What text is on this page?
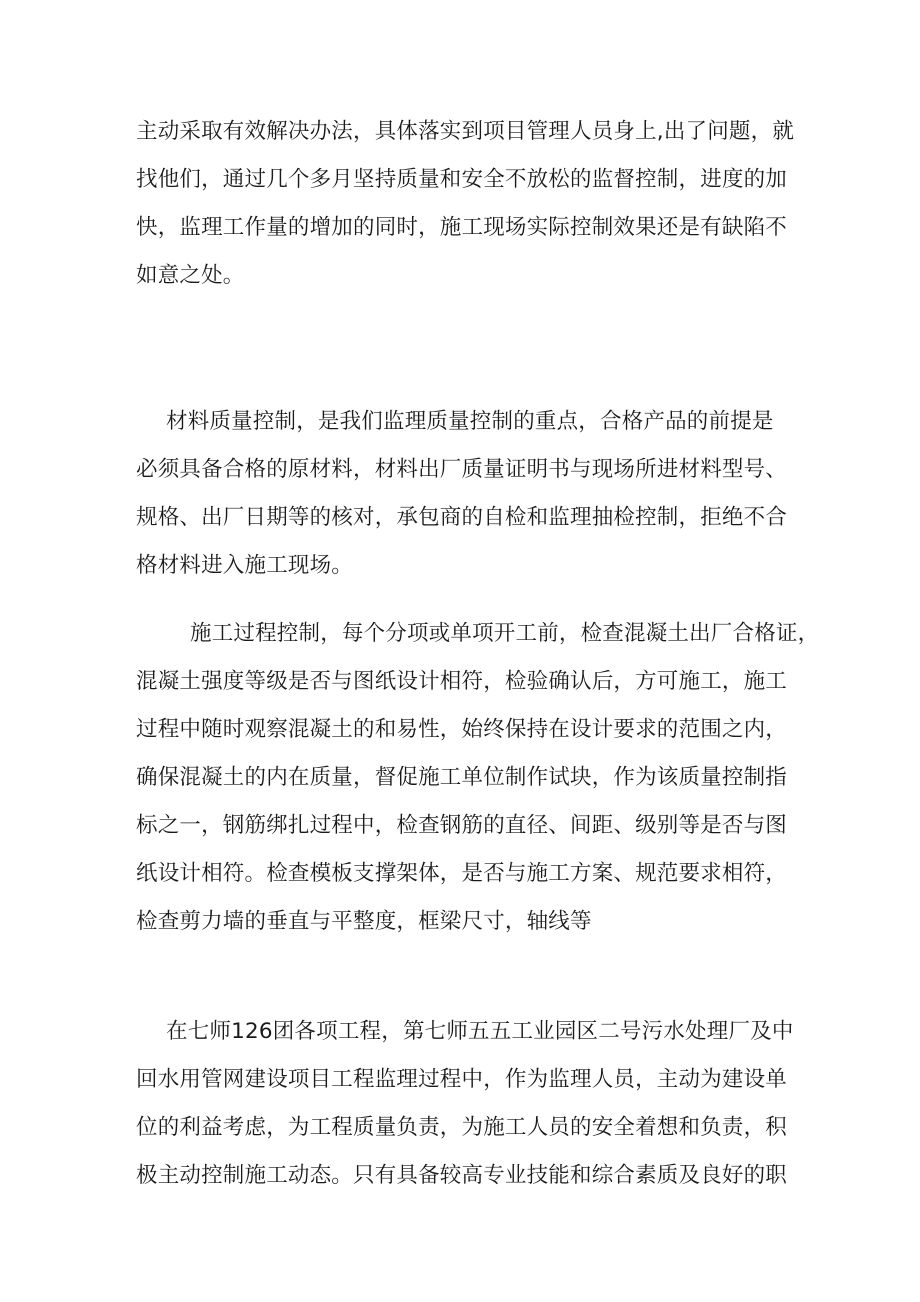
主动采取有效解决办法，具体落实到项目管理人员身上,出了问题，就
找他们，通过几个多月坚持质量和安全不放松的监督控制，进度的加
快，监理工作量的增加的同时，施工现场实际控制效果还是有缺陷不
如意之处。
材料质量控制，是我们监理质量控制的重点，合格产品的前提是
必须具备合格的原材料，材料出厂质量证明书与现场所进材料型号、
规格、出厂日期等的核对，承包商的自检和监理抽检控制，拒绝不合
格材料进入施工现场。
施工过程控制，每个分项或单项开工前，检查混凝土出厂合格证，
混凝土强度等级是否与图纸设计相符，检验确认后，方可施工，施工
过程中随时观察混凝土的和易性，始终保持在设计要求的范围之内，
确保混凝土的内在质量，督促施工单位制作试块，作为该质量控制指
标之一，钢筋绑扎过程中，检查钢筋的直径、间距、级别等是否与图
纸设计相符。检查模板支撑架体，是否与施工方案、规范要求相符，
检查剪力墙的垂直与平整度，框梁尺寸，轴线等
在七师126团各项工程，第七师五五工业园区二号污水处理厂及中
回水用管网建设项目工程监理过程中，作为监理人员，主动为建设单
位的利益考虑，为工程质量负责，为施工人员的安全着想和负责，积
极主动控制施工动态。只有具备较高专业技能和综合素质及良好的职
